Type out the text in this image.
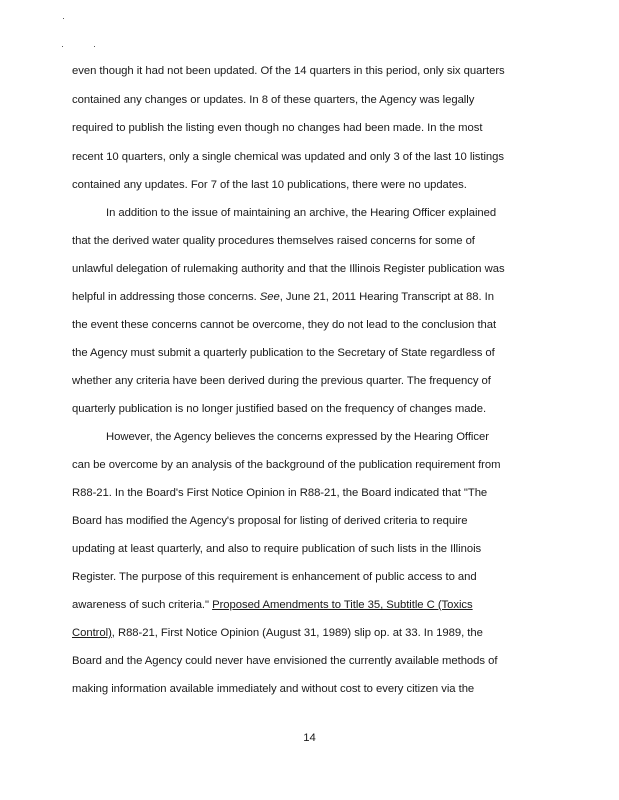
even though it had not been updated. Of the 14 quarters in this period, only six quarters
contained any changes or updates. In 8 of these quarters, the Agency was legally
required to publish the listing even though no changes had been made. In the most
recent 10 quarters, only a single chemical was updated and only 3 of the last 10 listings
contained any updates. For 7 of the last 10 publications, there were no updates.
In addition to the issue of maintaining an archive, the Hearing Officer explained
that the derived water quality procedures themselves raised concerns for some of
unlawful delegation of rulemaking authority and that the Illinois Register publication was
helpful in addressing those concerns. See, June 21, 2011 Hearing Transcript at 88. In
the event these concerns cannot be overcome, they do not lead to the conclusion that
the Agency must submit a quarterly publication to the Secretary of State regardless of
whether any criteria have been derived during the previous quarter. The frequency of
quarterly publication is no longer justified based on the frequency of changes made.
However, the Agency believes the concerns expressed by the Hearing Officer
can be overcome by an analysis of the background of the publication requirement from
R88-21. In the Board's First Notice Opinion in R88-21, the Board indicated that "The
Board has modified the Agency's proposal for listing of derived criteria to require
updating at least quarterly, and also to require publication of such lists in the Illinois
Register. The purpose of this requirement is enhancement of public access to and
awareness of such criteria." Proposed Amendments to Title 35, Subtitle C (Toxics
Control), R88-21, First Notice Opinion (August 31, 1989) slip op. at 33. In 1989, the
Board and the Agency could never have envisioned the currently available methods of
making information available immediately and without cost to every citizen via the
14
